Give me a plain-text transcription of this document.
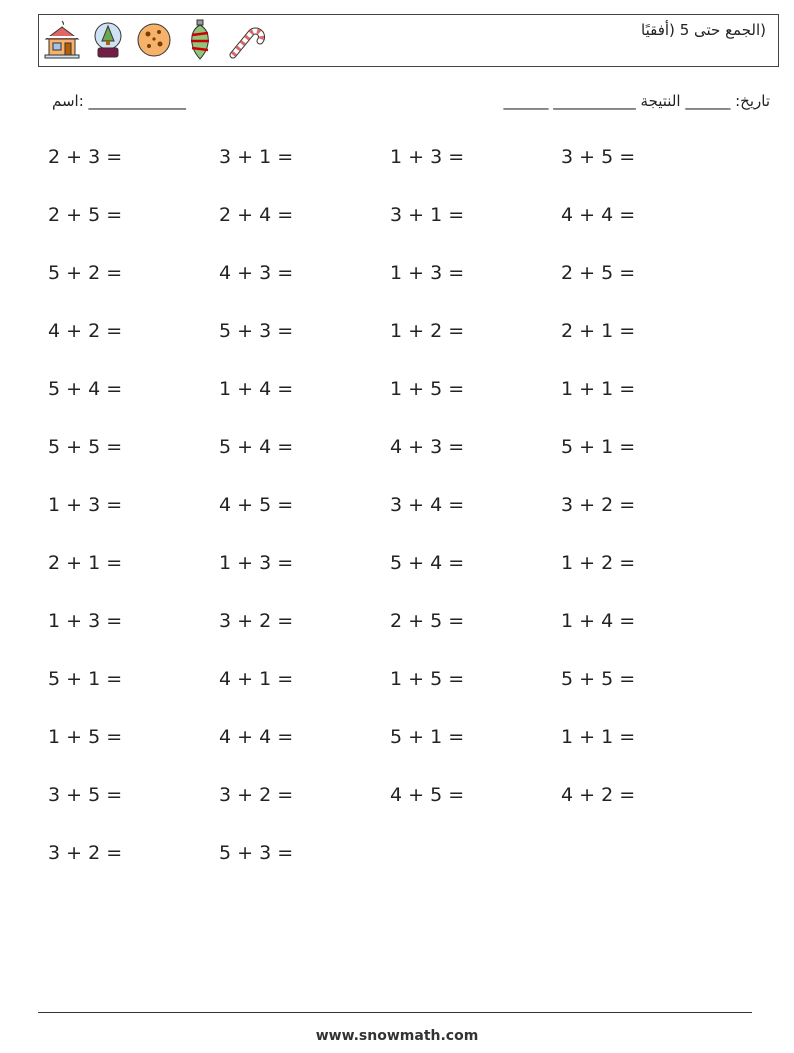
(الجمع حتى 5 (أفقيًا
اسم: _____________	تاريخ: ______ النتيجة ___________ ______
2 + 3 =	3 + 1 =	1 + 3 =	3 + 5 =
2 + 5 =	2 + 4 =	3 + 1 =	4 + 4 =
5 + 2 =	4 + 3 =	1 + 3 =	2 + 5 =
4 + 2 =	5 + 3 =	1 + 2 =	2 + 1 =
5 + 4 =	1 + 4 =	1 + 5 =	1 + 1 =
5 + 5 =	5 + 4 =	4 + 3 =	5 + 1 =
1 + 3 =	4 + 5 =	3 + 4 =	3 + 2 =
2 + 1 =	1 + 3 =	5 + 4 =	1 + 2 =
1 + 3 =	3 + 2 =	2 + 5 =	1 + 4 =
5 + 1 =	4 + 1 =	1 + 5 =	5 + 5 =
1 + 5 =	4 + 4 =	5 + 1 =	1 + 1 =
3 + 5 =	3 + 2 =	4 + 5 =	4 + 2 =
3 + 2 =	5 + 3 =
www.snowmath.com
